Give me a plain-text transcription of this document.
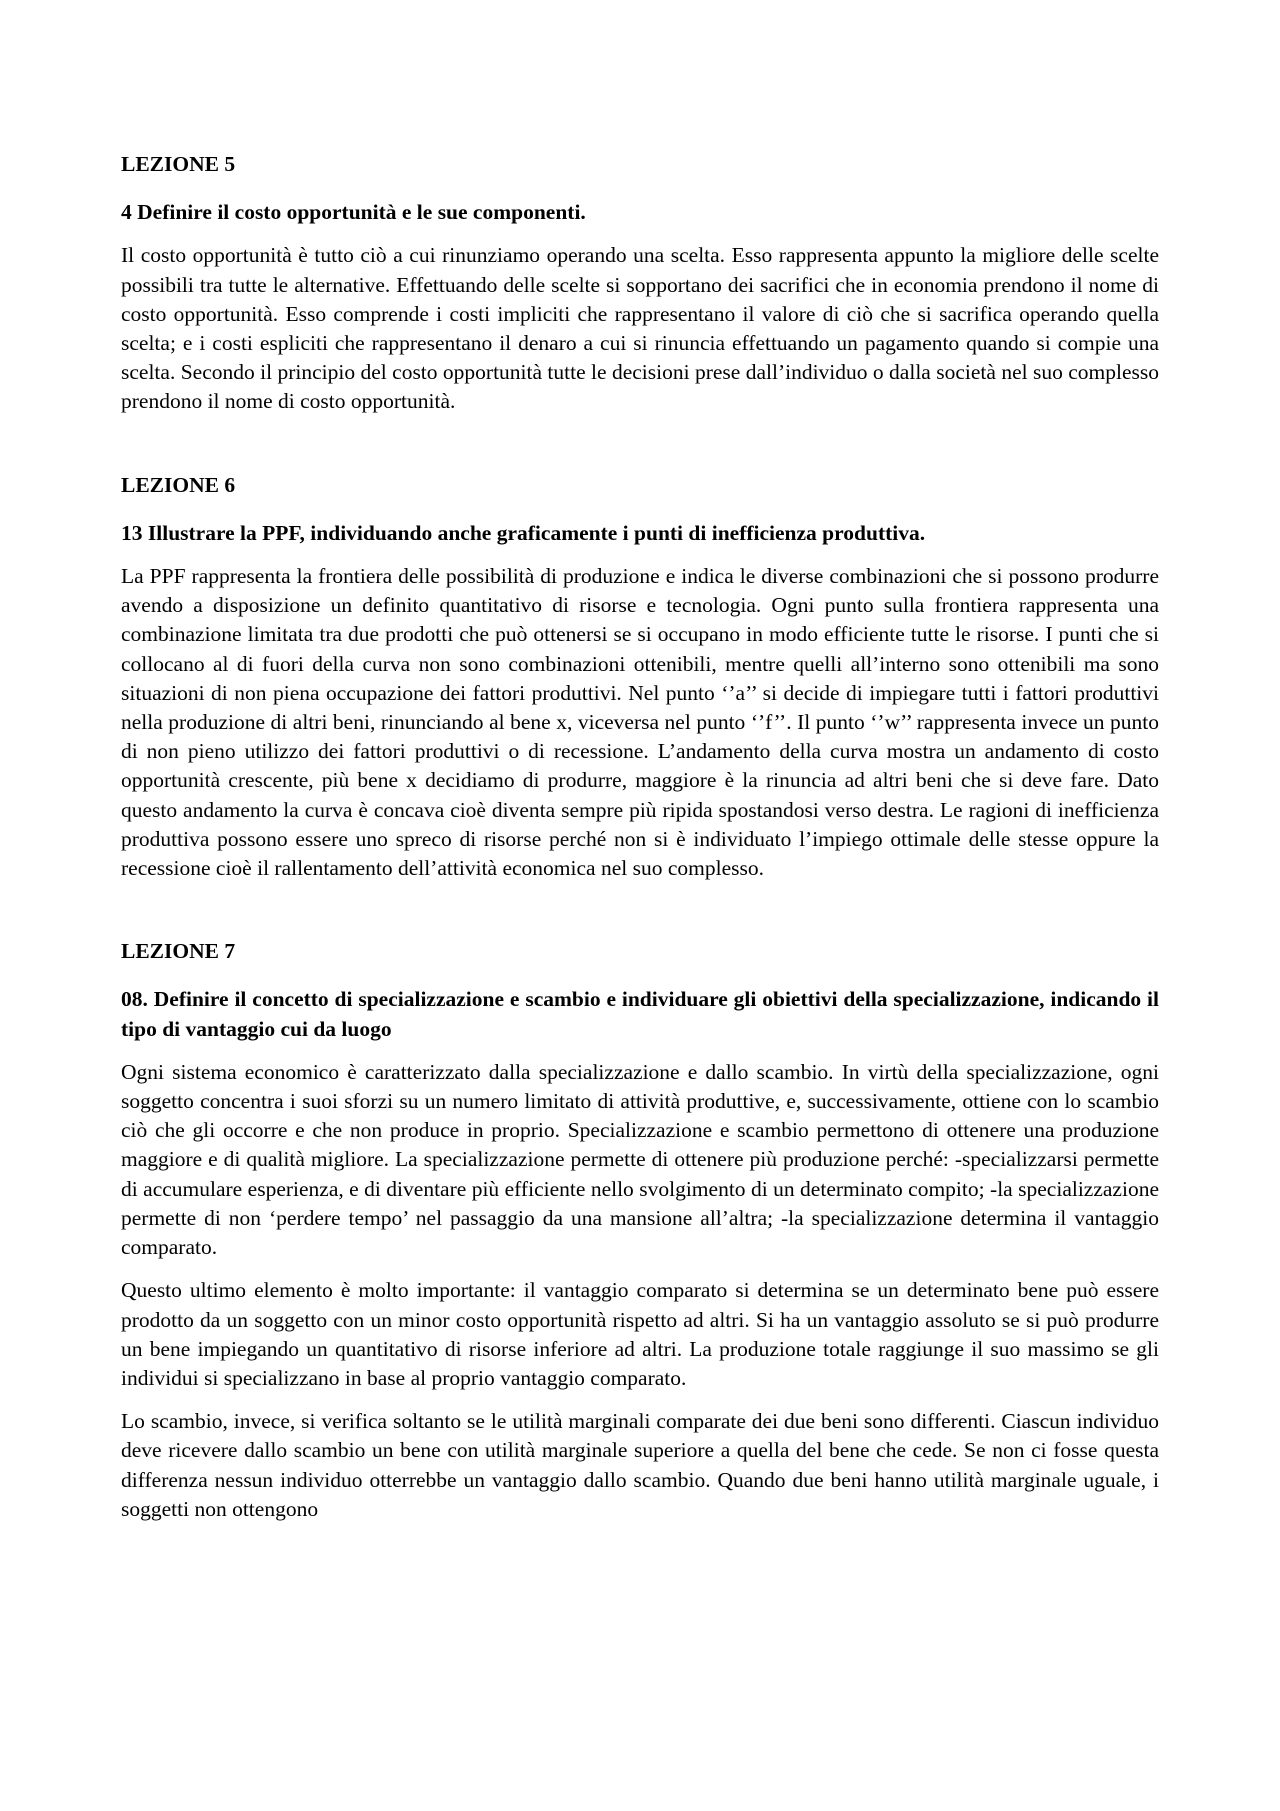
LEZIONE 5
4 Definire il costo opportunità e le sue componenti.

Il costo opportunità è tutto ciò a cui rinunziamo operando una scelta. Esso rappresenta appunto la migliore delle scelte possibili tra tutte le alternative. Effettuando delle scelte si sopportano dei sacrifici che in economia prendono il nome di costo opportunità. Esso comprende i costi impliciti che rappresentano il valore di ciò che si sacrifica operando quella scelta; e i costi espliciti che rappresentano il denaro a cui si rinuncia effettuando un pagamento quando si compie una scelta. Secondo il principio del costo opportunità tutte le decisioni prese dall’individuo o dalla società nel suo complesso prendono il nome di costo opportunità.

LEZIONE 6
13 Illustrare la PPF, individuando anche graficamente i punti di inefficienza produttiva.

La PPF rappresenta la frontiera delle possibilità di produzione e indica le diverse combinazioni che si possono produrre avendo a disposizione un definito quantitativo di risorse e tecnologia. Ogni punto sulla frontiera rappresenta una combinazione limitata tra due prodotti che può ottenersi se si occupano in modo efficiente tutte le risorse. I punti che si collocano al di fuori della curva non sono combinazioni ottenibili, mentre quelli all’interno sono ottenibili ma sono situazioni di non piena occupazione dei fattori produttivi. Nel punto ‘’a’’ si decide di impiegare tutti i fattori produttivi nella produzione di altri beni, rinunciando al bene x, viceversa nel punto ‘’f’’. Il punto ‘’w’’ rappresenta invece un punto di non pieno utilizzo dei fattori produttivi o di recessione. L’andamento della curva mostra un andamento di costo opportunità crescente, più bene x decidiamo di produrre, maggiore è la rinuncia ad altri beni che si deve fare. Dato questo andamento la curva è concava cioè diventa sempre più ripida spostandosi verso destra. Le ragioni di inefficienza produttiva possono essere uno spreco di risorse perché non si è individuato l’impiego ottimale delle stesse oppure la recessione cioè il rallentamento dell’attività economica nel suo complesso.

LEZIONE 7
08. Definire il concetto di specializzazione e scambio e individuare gli obiettivi della specializzazione, indicando il tipo di vantaggio cui da luogo

Ogni sistema economico è caratterizzato dalla specializzazione e dallo scambio. In virtù della specializzazione, ogni soggetto concentra i suoi sforzi su un numero limitato di attività produttive, e, successivamente, ottiene con lo scambio ciò che gli occorre e che non produce in proprio. Specializzazione e scambio permettono di ottenere una produzione maggiore e di qualità migliore. La specializzazione permette di ottenere più produzione perché: -specializzarsi permette di accumulare esperienza, e di diventare più efficiente nello svolgimento di un determinato compito; -la specializzazione permette di non ‘perdere tempo’ nel passaggio da una mansione all’altra; -la specializzazione determina il vantaggio comparato.

Questo ultimo elemento è molto importante: il vantaggio comparato si determina se un determinato bene può essere prodotto da un soggetto con un minor costo opportunità rispetto ad altri. Si ha un vantaggio assoluto se si può produrre un bene impiegando un quantitativo di risorse inferiore ad altri. La produzione totale raggiunge il suo massimo se gli individui si specializzano in base al proprio vantaggio comparato.

Lo scambio, invece, si verifica soltanto se le utilità marginali comparate dei due beni sono differenti. Ciascun individuo deve ricevere dallo scambio un bene con utilità marginale superiore a quella del bene che cede. Se non ci fosse questa differenza nessun individuo otterrebbe un vantaggio dallo scambio. Quando due beni hanno utilità marginale uguale, i soggetti non ottengono
